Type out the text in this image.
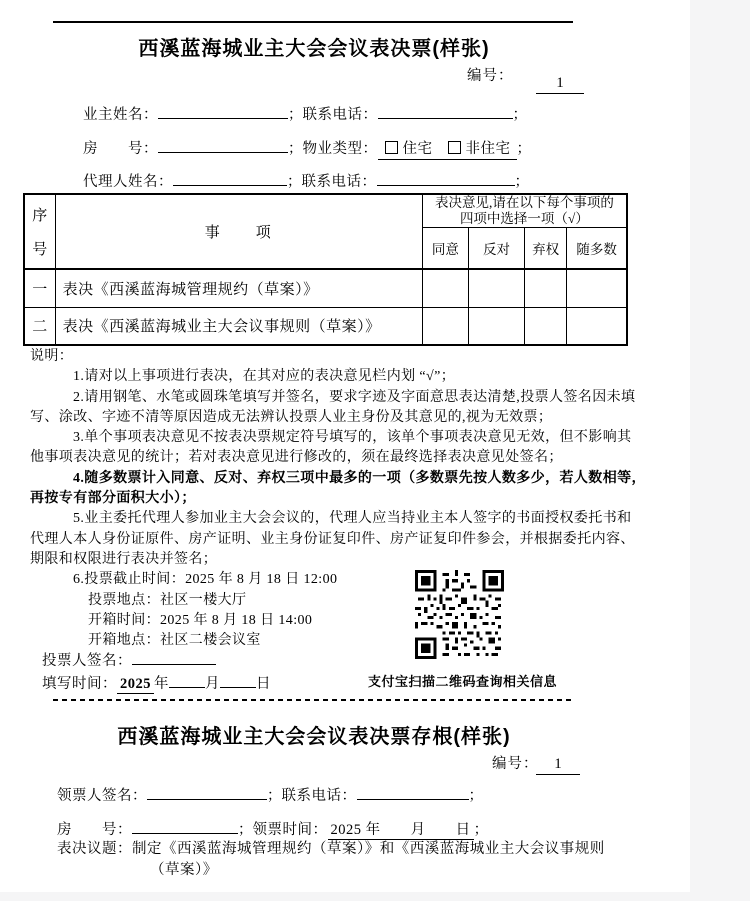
西溪蓝海城业主大会会议表决票(样张)
编号：	1
业主姓名：	；联系电话：	；
房　　号：	；物业类型： 住宅 非住宅 ；
代理人姓名：	；联系电话：	；
序
号
	事　　项	
表决意见,请在以下每个事项的
四项中选择一项（√）

		同意	反对	弃权	随多数
一	表决《西溪蓝海城管理规约（草案）》				
二	表决《西溪蓝海城业主大会议事规则（草案）》				
说明：
1.请对以上事项进行表决，在其对应的表决意见栏内划 “√”；
2.请用钢笔、水笔或圆珠笔填写并签名，要求字迹及字面意思表达清楚,投票人签名因未填
写、涂改、字迹不清等原因造成无法辨认投票人业主身份及其意见的,视为无效票；
3.单个事项表决意见不按表决票规定符号填写的，该单个事项表决意见无效，但不影响其
他事项表决意见的统计；若对表决意见进行修改的，须在最终选择表决意见处签名；
4.随多数票计入同意、反对、弃权三项中最多的一项（多数票先按人数多少，若人数相等，
再按专有部分面积大小）；
5.业主委托代理人参加业主大会会议的，代理人应当持业主本人签字的书面授权委托书和
代理人本人身份证原件、房产证明、业主身份证复印件、房产证复印件参会，并根据委托内容、
期限和权限进行表决并签名；
6.投票截止时间：2025 年 8 月 18 日 12:00
投票地点：社区一楼大厅
开箱时间：2025 年 8 月 18 日 14:00
开箱地点：社区二楼会议室
投票人签名：
填写时间： 2025 年 月 日	支付宝扫描二维码查询相关信息
西溪蓝海城业主大会会议表决票存根(样张)
编号：	1
领票人签名：	；联系电话：	；
房　　号：	；领票时间： 2025 年　　月　　日 ；
表决议题：制定《西溪蓝海城管理规约（草案）》和《西溪蓝海城业主大会议事规则
（草案）》
